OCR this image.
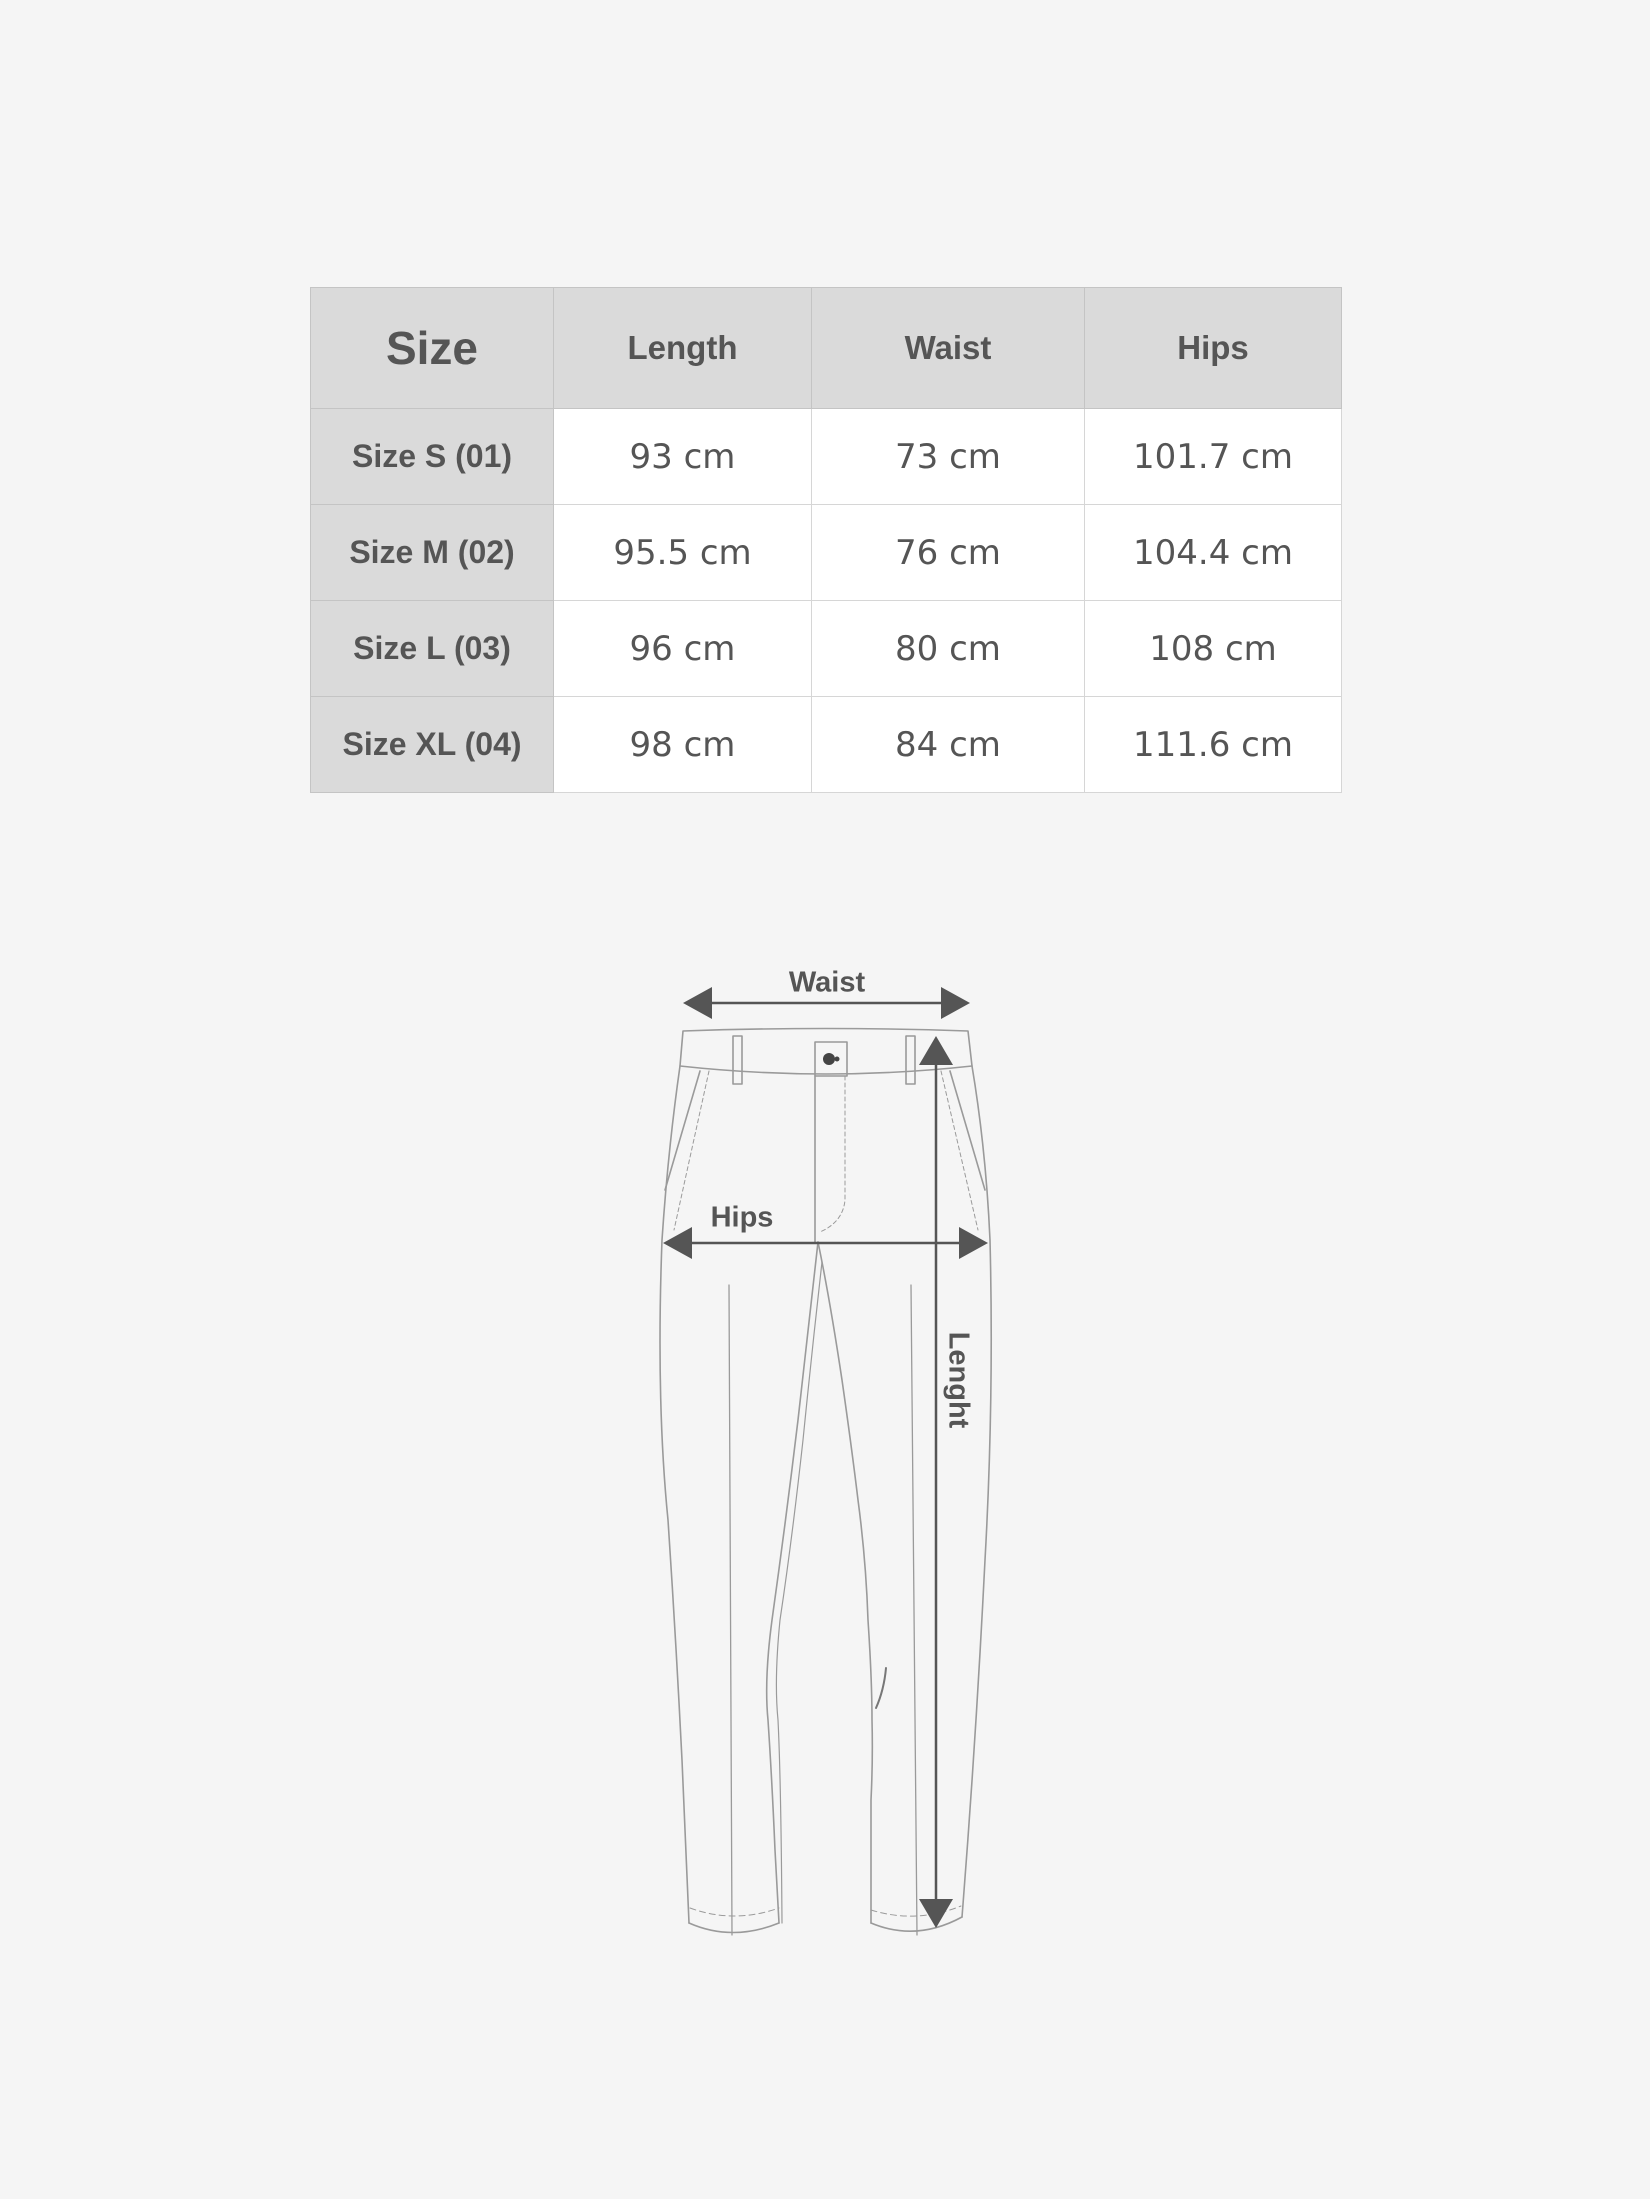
Size	Length	Waist	Hips
Size S (01)	93 cm	73 cm	101.7 cm
Size M (02)	95.5 cm	76 cm	104.4 cm
Size L (03)	96 cm	80 cm	108 cm
Size XL (04)	98 cm	84 cm	111.6 cm
Waist
Hips
Lenght
